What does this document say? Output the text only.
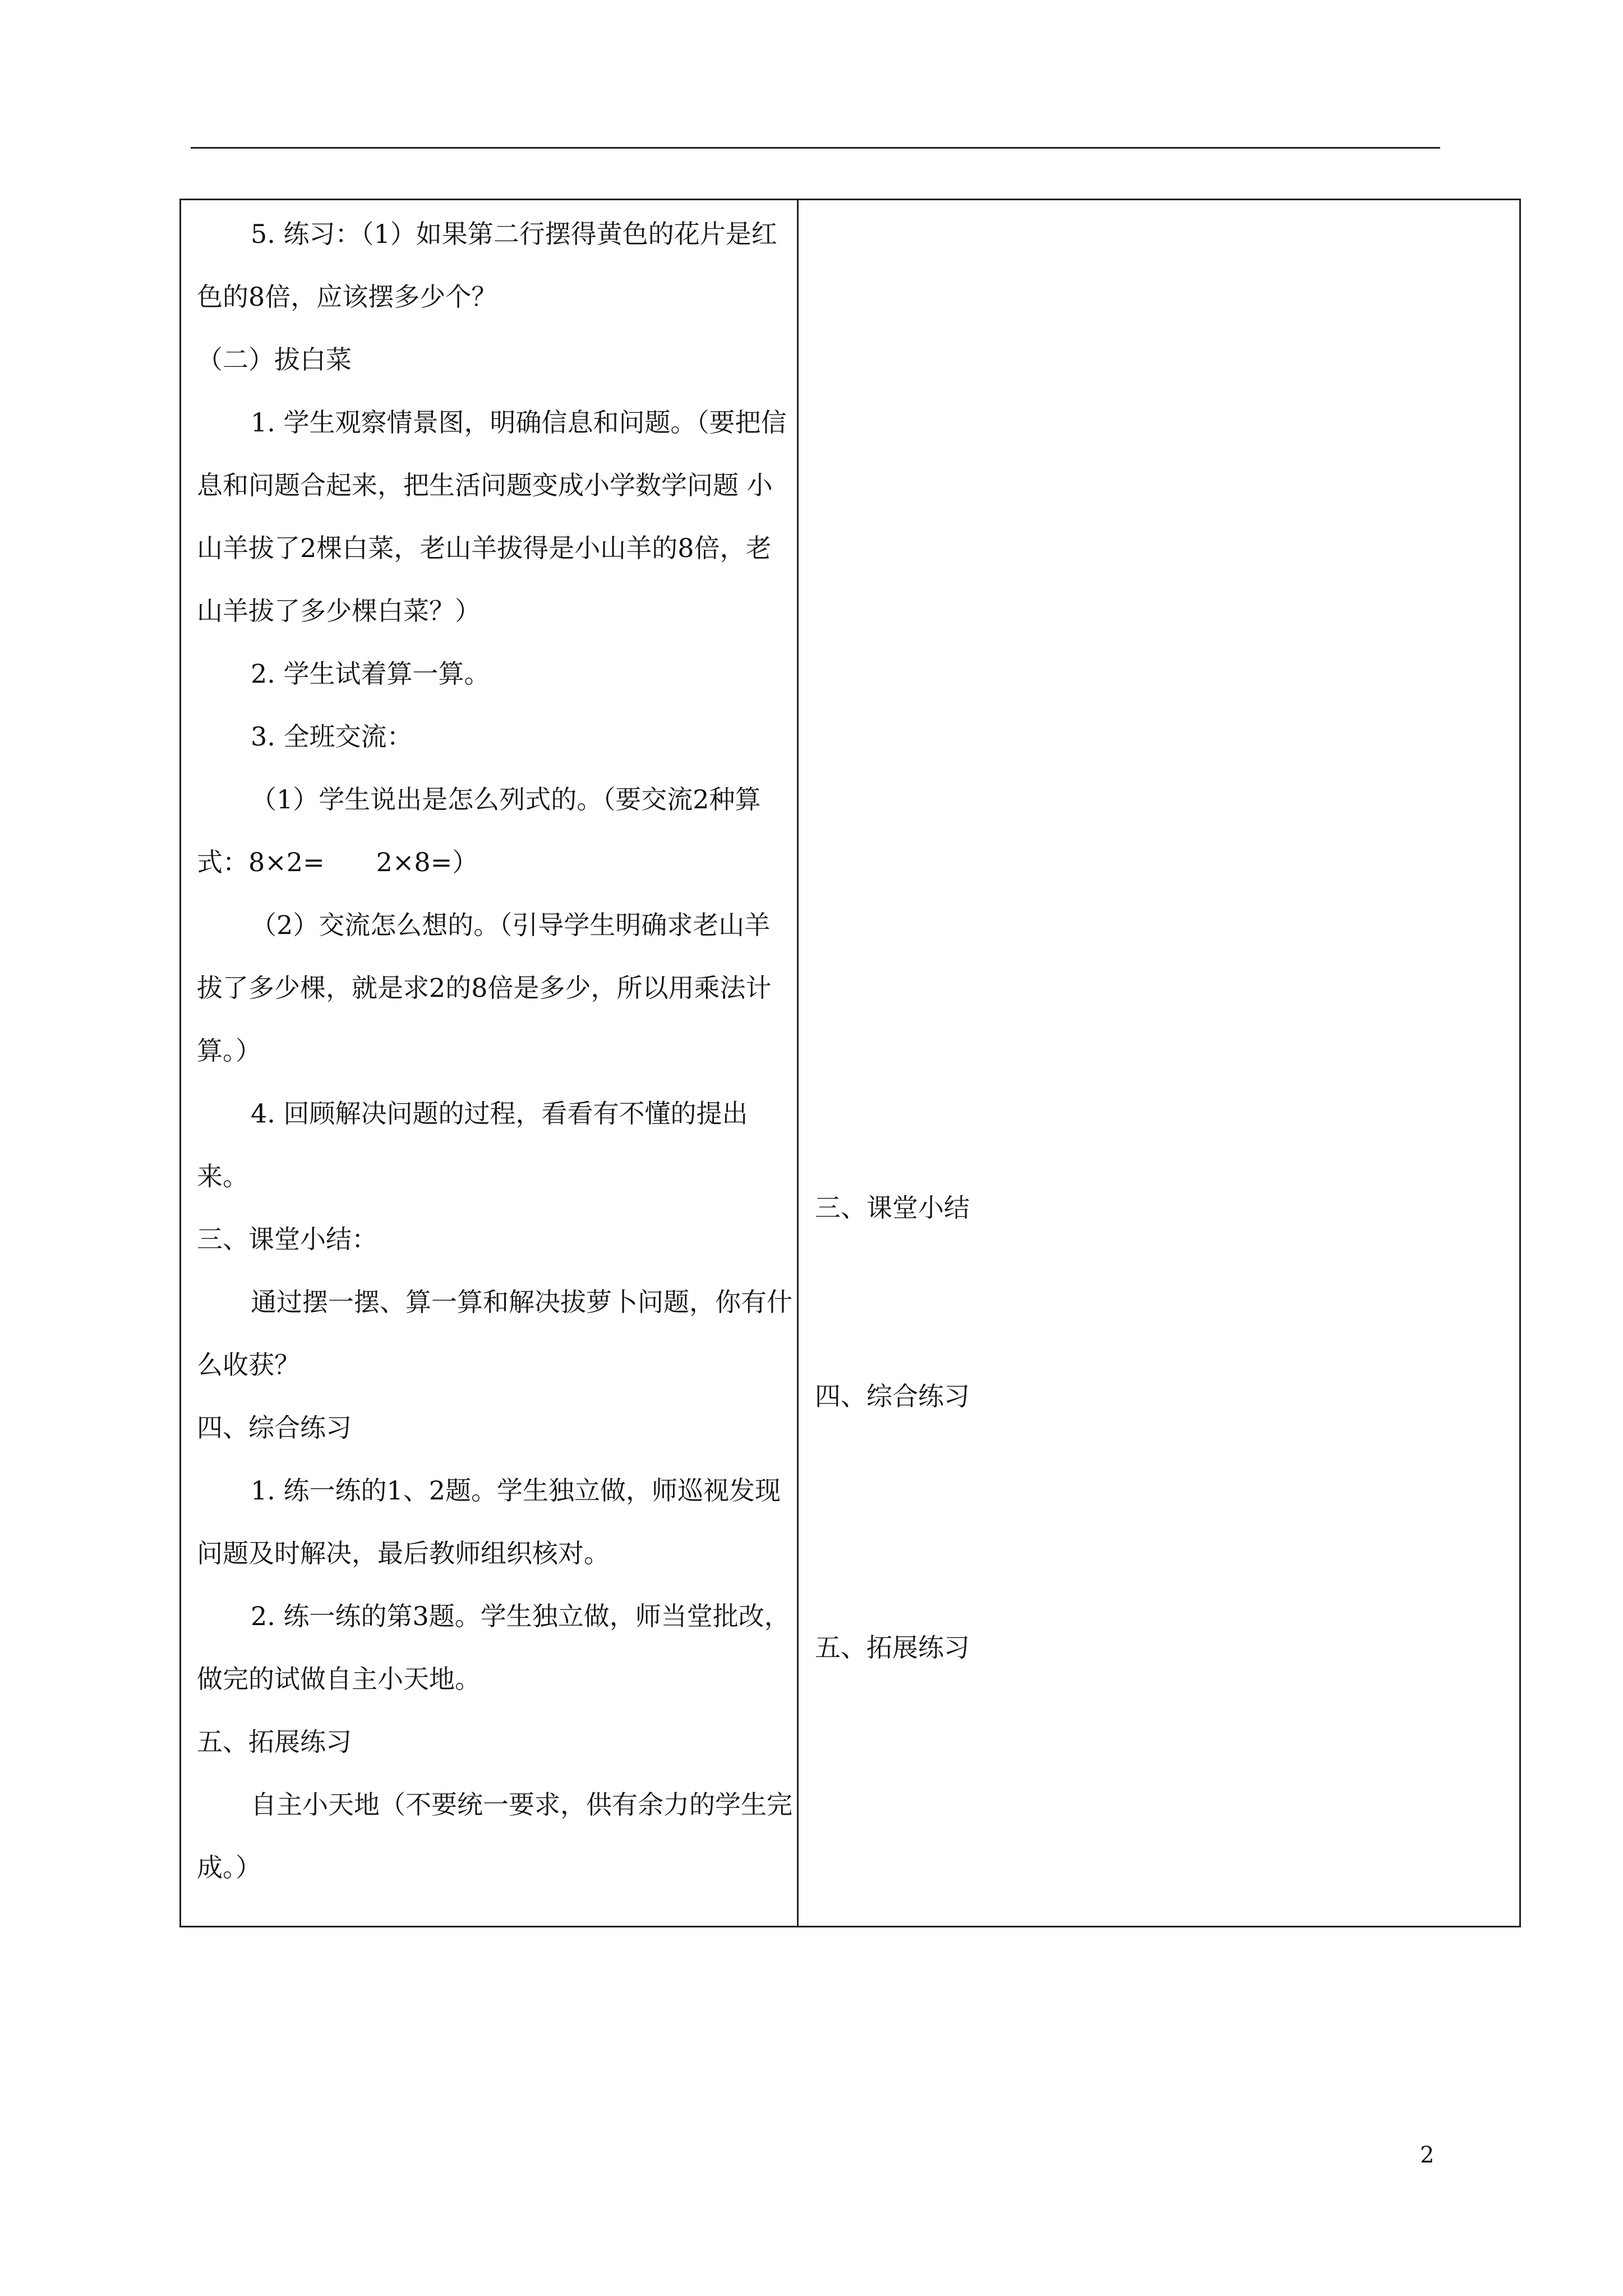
5. 练习：（1）如果第二行摆得黄色的花片是红色的8倍，应该摆多少个？
（二）拔白菜
1. 学生观察情景图，明确信息和问题。（要把信息和问题合起来，把生活问题变成小学数学问题 小山羊拔了2棵白菜，老山羊拔得是小山羊的8倍，老山羊拔了多少棵白菜？）
2. 学生试着算一算。
3. 全班交流：
（1）学生说出是怎么列式的。（要交流2种算式：8×2=　　2×8=）
（2）交流怎么想的。（引导学生明确求老山羊拔了多少棵，就是求2的8倍是多少，所以用乘法计算。）
4. 回顾解决问题的过程，看看有不懂的提出来。
三、课堂小结：
通过摆一摆、算一算和解决拔萝卜问题，你有什么收获？
四、综合练习
1. 练一练的1、2题。学生独立做，师巡视发现问题及时解决，最后教师组织核对。
2. 练一练的第3题。学生独立做，师当堂批改，做完的试做自主小天地。
五、拓展练习
自主小天地（不要统一要求，供有余力的学生完成。）
三、课堂小结
四、综合练习
五、拓展练习
2
